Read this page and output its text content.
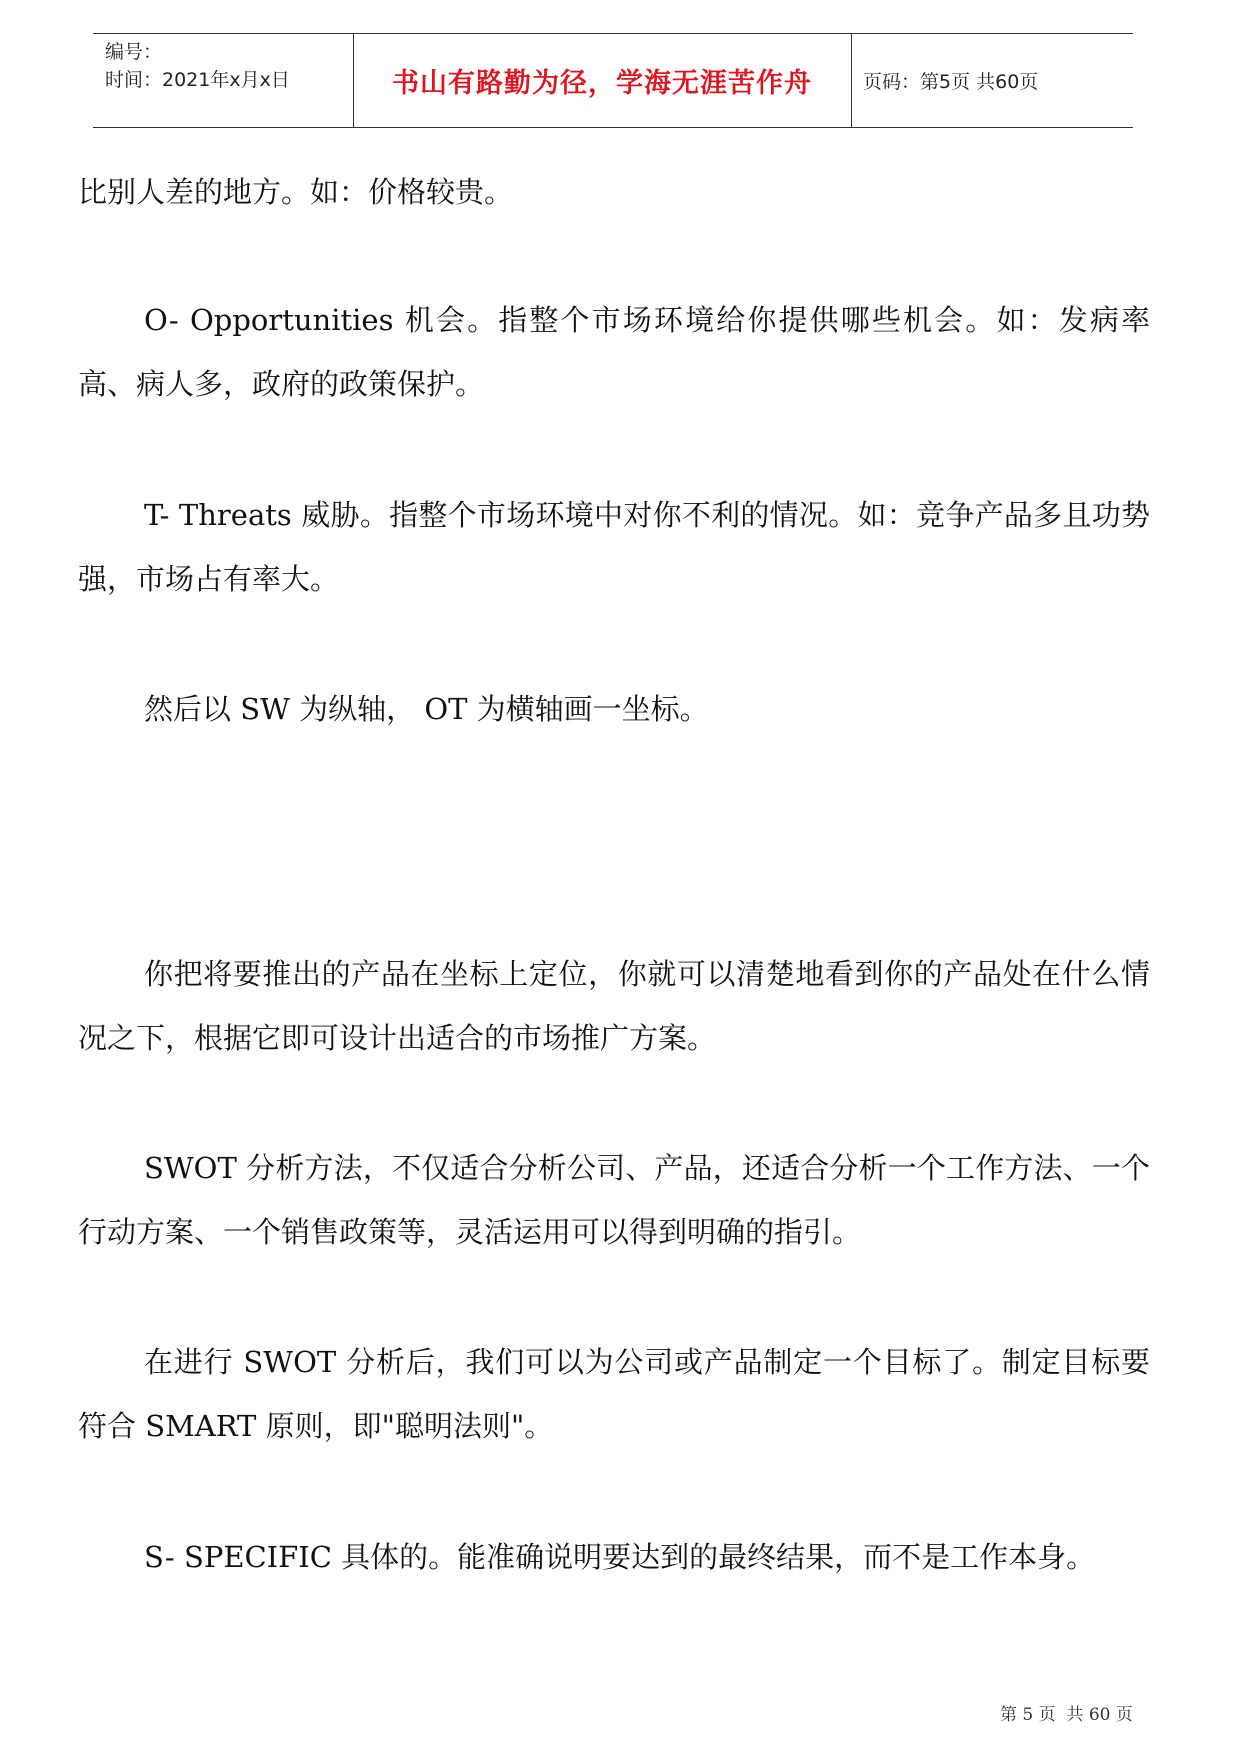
编号：
时间：2021年x月x日	书山有路勤为径，学海无涯苦作舟	页码：第5页 共60页

比别人差的地方。如：价格较贵。

O- Opportunities 机会。指整个市场环境给你提供哪些机会。如：发病率高、病人多，政府的政策保护。

T- Threats 威胁。指整个市场环境中对你不利的情况。如：竞争产品多且功势强，市场占有率大。

然后以 SW 为纵轴， OT 为横轴画一坐标。

你把将要推出的产品在坐标上定位，你就可以清楚地看到你的产品处在什么情况之下，根据它即可设计出适合的市场推广方案。

SWOT 分析方法，不仅适合分析公司、产品，还适合分析一个工作方法、一个行动方案、一个销售政策等，灵活运用可以得到明确的指引。

在进行 SWOT 分析后，我们可以为公司或产品制定一个目标了。制定目标要符合 SMART 原则，即"聪明法则"。

S- SPECIFIC 具体的。能准确说明要达到的最终结果，而不是工作本身。

第 5 页  共 60 页
